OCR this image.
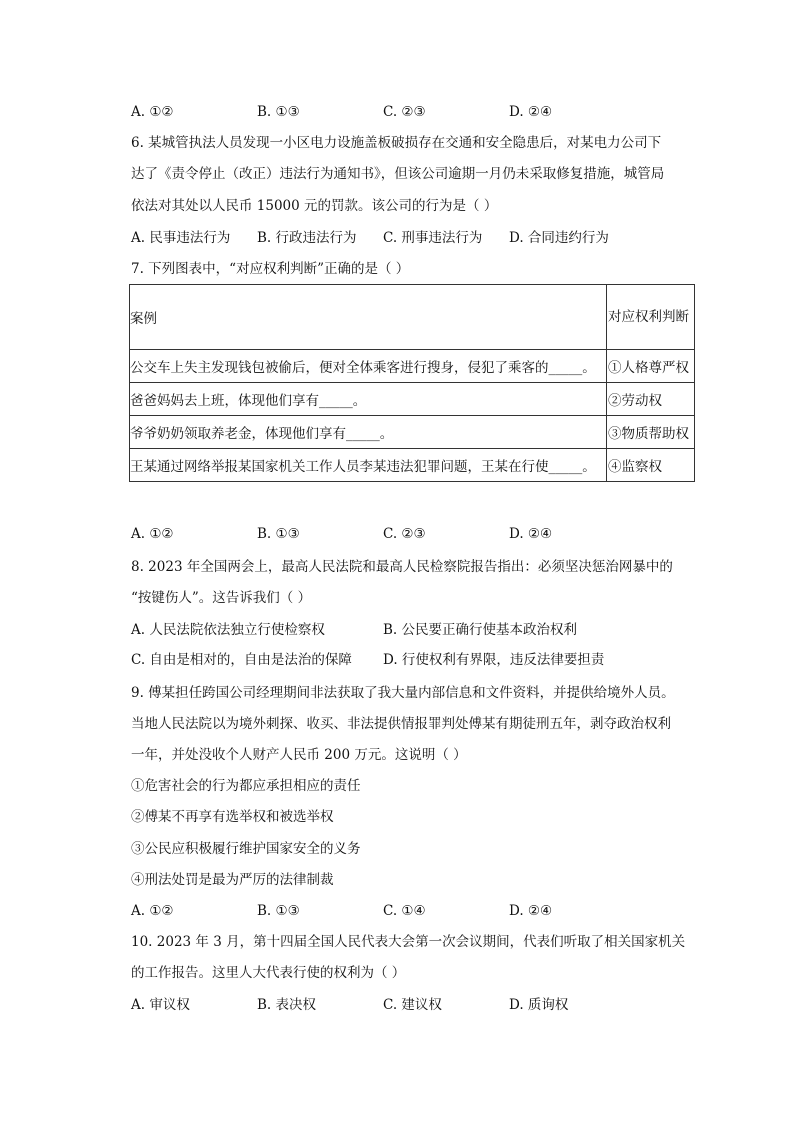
A. ①②	B. ①③	C. ②③	D. ②④
6. 某城管执法人员发现一小区电力设施盖板破损存在交通和安全隐患后，对某电力公司下
达了《责令停止（改正）违法行为通知书》，但该公司逾期一月仍未采取修复措施，城管局
依法对其处以人民币 15000 元的罚款。该公司的行为是（ ）
A. 民事违法行为 B. 行政违法行为 C. 刑事违法行为 D. 合同违约行为
7. 下列图表中，“对应权利判断”正确的是（ ）
案例	对应权利判断

公交车上失主发现钱包被偷后，便对全体乘客进行搜身，侵犯了乘客的_____。	①人格尊严权
爸爸妈妈去上班，体现他们享有_____。	②劳动权
爷爷奶奶领取养老金，体现他们享有_____。	③物质帮助权
王某通过网络举报某国家机关工作人员李某违法犯罪问题，王某在行使_____。	④监察权
A. ①②	B. ①③	C. ②③	D. ②④
8. 2023 年全国两会上，最高人民法院和最高人民检察院报告指出：必须坚决惩治网暴中的
“按键伤人”。这告诉我们（ ）
A. 人民法院依法独立行使检察权	B. 公民要正确行使基本政治权利
C. 自由是相对的，自由是法治的保障 D. 行使权利有界限，违反法律要担责
9. 傅某担任跨国公司经理期间非法获取了我大量内部信息和文件资料，并提供给境外人员。
当地人民法院以为境外刺探、收买、非法提供情报罪判处傅某有期徒刑五年，剥夺政治权利
一年，并处没收个人财产人民币 200 万元。这说明（ ）
①危害社会的行为都应承担相应的责任
②傅某不再享有选举权和被选举权
③公民应积极履行维护国家安全的义务
④刑法处罚是最为严厉的法律制裁
A. ①②	B. ①③	C. ①④	D. ②④
10. 2023 年 3 月，第十四届全国人民代表大会第一次会议期间，代表们听取了相关国家机关
的工作报告。这里人大代表行使的权利为（ ）
A. 审议权	B. 表决权	C. 建议权	D. 质询权
